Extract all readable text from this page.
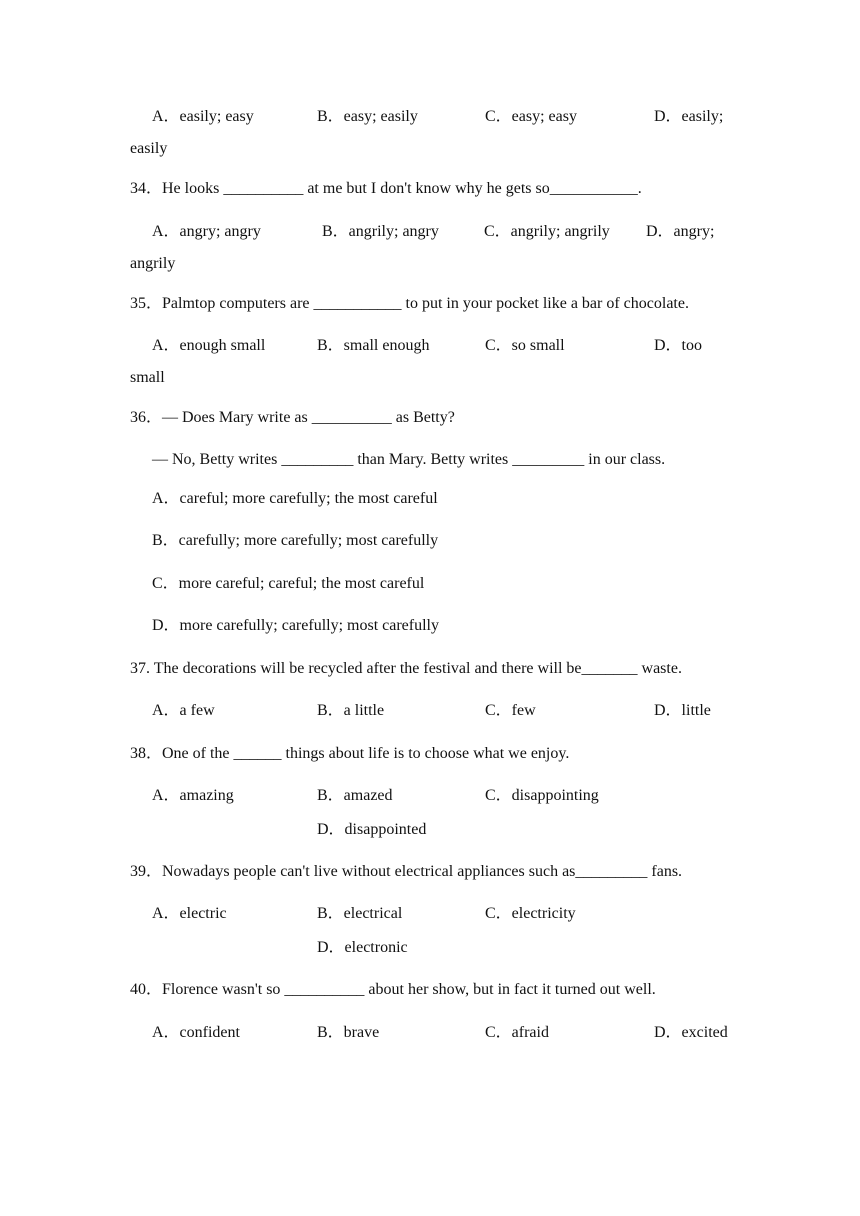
A．easily; easy	B．easy; easily	C．easy; easy	D．easily;
easily
34．He looks __________ at me but I don't know why he gets so___________.
A．angry; angry	B．angrily; angry	C．angrily; angrily D．angry;
angrily
35．Palmtop computers are ___________ to put in your pocket like a bar of chocolate.
A．enough small	B．small enough	C．so small	D．too
small
36．— Does Mary write as __________ as Betty?
— No, Betty writes _________ than Mary. Betty writes _________ in our class.
A．careful; more carefully; the most careful
B．carefully; more carefully; most carefully
C．more careful; careful; the most careful
D．more carefully; carefully; most carefully
37. The decorations will be recycled after the festival and there will be_______ waste.
A．a few	B．a little	C．few	D．little
38．One of the ______ things about life is to choose what we enjoy.
A．amazing	B．amazed	C．disappointing
D．disappointed
39．Nowadays people can't live without electrical appliances such as_________ fans.
A．electric	B．electrical	C．electricity
D．electronic
40．Florence wasn't so __________ about her show, but in fact it turned out well.
A．confident	B．brave	C．afraid	D．excited
